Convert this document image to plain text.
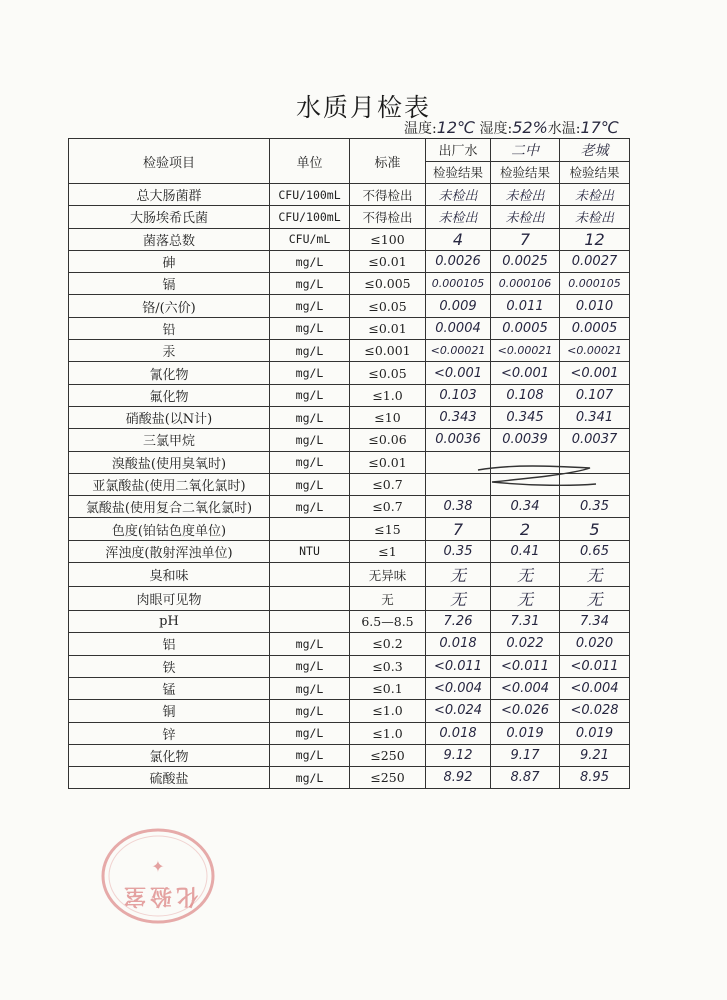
水质月检表
温度:12℃ 湿度:52%水温:17℃
检验项目	单位	标准	出厂水	二中	老城
			检验结果	检验结果	检验结果
总大肠菌群	CFU/100mL	不得检出	未检出	未检出	未检出
大肠埃希氏菌	CFU/100mL	不得检出	未检出	未检出	未检出
菌落总数	CFU/mL	≤100	4	7	12
砷	mg/L	≤0.01	0.0026	0.0025	0.0027
镉	mg/L	≤0.005	0.000105	0.000106	0.000105
铬/(六价)	mg/L	≤0.05	0.009	0.011	0.010
铅	mg/L	≤0.01	0.0004	0.0005	0.0005
汞	mg/L	≤0.001	<0.00021	<0.00021	<0.00021
氰化物	mg/L	≤0.05	<0.001	<0.001	<0.001
氟化物	mg/L	≤1.0	0.103	0.108	0.107
硝酸盐(以N计)	mg/L	≤10	0.343	0.345	0.341
三氯甲烷	mg/L	≤0.06	0.0036	0.0039	0.0037
溴酸盐(使用臭氧时)	mg/L	≤0.01			
亚氯酸盐(使用二氧化氯时)	mg/L	≤0.7			
氯酸盐(使用复合二氧化氯时)	mg/L	≤0.7	0.38	0.34	0.35
色度(铂钴色度单位)		≤15	7	2	5
浑浊度(散射浑浊单位)	NTU	≤1	0.35	0.41	0.65
臭和味		无异味	无	无	无
肉眼可见物		无	无	无	无
pH		6.5—8.5	7.26	7.31	7.34
铝	mg/L	≤0.2	0.018	0.022	0.020
铁	mg/L	≤0.3	<0.011	<0.011	<0.011
锰	mg/L	≤0.1	<0.004	<0.004	<0.004
铜	mg/L	≤1.0	<0.024	<0.026	<0.028
锌	mg/L	≤1.0	0.018	0.019	0.019
氯化物	mg/L	≤250	9.12	9.17	9.21
硫酸盐	mg/L	≤250	8.92	8.87	8.95
✦
化验室
